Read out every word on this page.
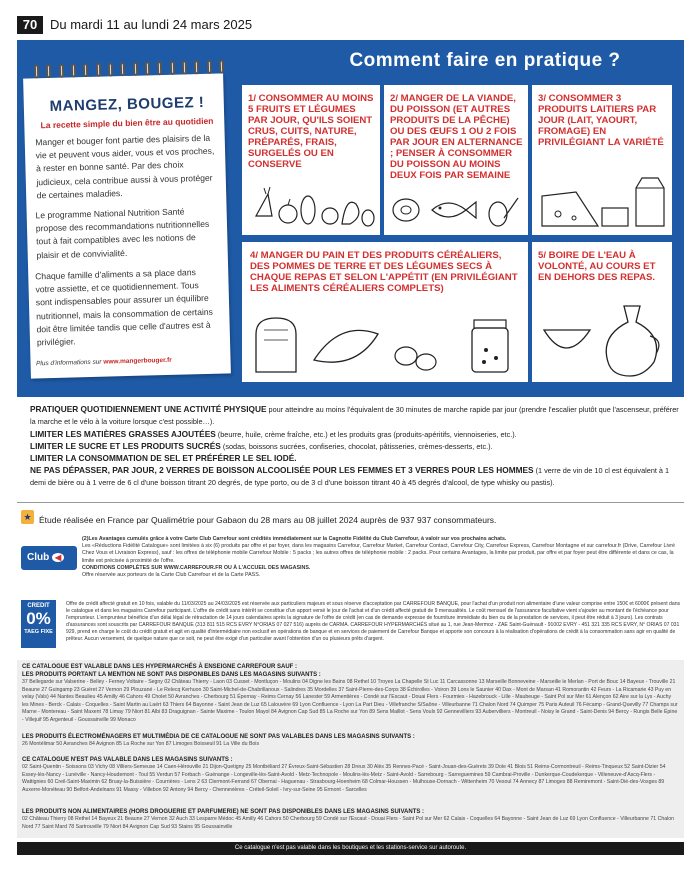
70 Du mardi 11 au lundi 24 mars 2025
Comment faire en pratique ?
MANGEZ, BOUGEZ !
La recette simple du bien être au quotidien
Manger et bouger font partie des plaisirs de la vie et peuvent vous aider, vous et vos proches, à rester en bonne santé. Par des choix judicieux, cela contribue aussi à vous protéger de certaines maladies.
Le programme National Nutrition Santé propose des recommandations nutritionnelles tout à fait compatibles avec les notions de plaisir et de convivialité.
Chaque famille d'aliments a sa place dans votre assiette, et ce quotidiennement. Tous sont indispensables pour assurer un équilibre nutritionnel, mais la consommation de certains doit être limitée tandis que celle d'autres est à privilégier.
Plus d'informations sur www.mangerbouger.fr
1/ CONSOMMER AU MOINS 5 FRUITS ET LÉGUMES PAR JOUR, QU'ILS SOIENT CRUS, CUITS, NATURE, PRÉPARÉS, FRAIS, SURGELÉS OU EN CONSERVE
2/ MANGER DE LA VIANDE, DU POISSON (ET AUTRES PRODUITS DE LA PÊCHE) OU DES ŒUFS 1 OU 2 FOIS PAR JOUR EN ALTERNANCE ; PENSER À CONSOMMER DU POISSON AU MOINS DEUX FOIS PAR SEMAINE
3/ CONSOMMER 3 PRODUITS LAITIERS PAR JOUR (LAIT, YAOURT, FROMAGE) EN PRIVILÉGIANT LA VARIÉTÉ
4/ MANGER DU PAIN ET DES PRODUITS CÉRÉALIERS, DES POMMES DE TERRE ET DES LÉGUMES SECS À CHAQUE REPAS ET SELON L'APPÉTIT (EN PRIVILÉGIANT LES ALIMENTS CÉRÉALIERS COMPLETS)
5/ BOIRE DE L'EAU À VOLONTÉ, AU COURS ET EN DEHORS DES REPAS.
PRATIQUER QUOTIDIENNEMENT UNE ACTIVITÉ PHYSIQUE pour atteindre au moins l'équivalent de 30 minutes de marche rapide par jour (prendre l'escalier plutôt que l'ascenseur, préférer la marche et le vélo à la voiture lorsque c'est possible…).
LIMITER LES MATIÈRES GRASSES AJOUTÉES (beurre, huile, crème fraîche, etc.) et les produits gras (produits-apéritifs, viennoiseries, etc.).
LIMITER LE SUCRE ET LES PRODUITS SUCRÉS (sodas, boissons sucrées, confiseries, chocolat, pâtisseries, crèmes-desserts, etc.).
LIMITER LA CONSOMMATION DE SEL ET PRÉFÉRER LE SEL IODÉ.
NE PAS DÉPASSER, PAR JOUR, 2 VERRES DE BOISSON ALCOOLISÉE POUR LES FEMMES ET 3 VERRES POUR LES HOMMES (1 verre de vin de 10 cl est équivalent à 1 demi de bière ou à 1 verre de 6 cl d'une boisson titrant 20 degrés, de type porto, ou de 3 cl d'une boisson titrant 40 à 45 degrés d'alcool, de type whisky ou pastis).
★ Étude réalisée en France par Qualimétrie pour Gabaon du 28 mars au 08 juillet 2024 auprès de 937 937 consommateurs.
Club ◀
(2)Les Avantages cumulés grâce à votre Carte Club Carrefour sont crédités immédiatement sur la Cagnotte Fidélité du Club Carrefour, à valoir sur vos prochains achats.
Les «Réductions Fidélité Catalogue» sont limitées à six (6) produits par offre et par foyer, dans les magasins Carrefour, Carrefour Market, Carrefour Contact, Carrefour City, Carrefour Express, Carrefour Montagne et sur carrefour.fr (Drive, Carrefour Livré Chez Vous et Livraison Express), sauf : les offres de téléphonie mobile Carrefour Mobile : 5 packs ; les autres offres de téléphonie mobile : 2 packs. Pour certains Avantages, la limite par produit, par offre et par foyer peut être différente et dans ce cas, la limite est précisée à proximité de l'offre.
CONDITIONS COMPLÈTES SUR WWW.CARREFOUR.FR OU À L'ACCUEIL DES MAGASINS.
Offre réservée aux porteurs de la Carte Club Carrefour et de la Carte PASS.
CREDIT
0%
TAEG FIXE
Offre de crédit affecté gratuit en 10 fois, valable du 11/03/2025 au 24/03/2025 est réservée aux particuliers majeurs et sous réserve d'acceptation par CARREFOUR BANQUE, pour l'achat d'un produit non alimentaire d'une valeur comprise entre 150€ et 6000€ présent dans le catalogue et dans les magasins Carrefour participant. L'offre de crédit sans intérêt se constitue d'un apport versé le jour de l'achat et d'un crédit affecté gratuit de 9 mensualités. Le coût mensuel de l'assurance facultative vient s'ajouter au montant de l'échéance pour l'emprunteur. L'emprunteur bénéficie d'un délai légal de rétractation de 14 jours calendaires après la signature de l'offre de crédit (en cas de demande expresse de fourniture immédiate du bien ou de la prestation de services, il peut être réduit à 3 jours). Les contrats d'assurances sont souscrits par CARREFOUR BANQUE (313 811 515 RCS EVRY N°ORIAS 07 027 516) auprès de CARMA. CARREFOUR HYPERMARCHÉS situé au 1, rue Jean-Mermoz - ZAE Saint-Guénault - 91002 EVRY - 451 321 335 RCS EVRY, N° ORIAS 07 031 929, prend en charge le coût du crédit gratuit et agit en qualité d'intermédiaire non exclusif en opérations de banque et en services de paiement de Carrefour Banque et apporte son concours à la réalisation d'opérations de crédit à la consommation sans agir en qualité de prêteur. Aucun versement, de quelque nature que ce soit, ne peut être exigé d'un particulier avant l'obtention d'un ou plusieurs prêts d'argent.
CE CATALOGUE EST VALABLE DANS LES HYPERMARCHÉS À ENSEIGNE CARREFOUR SAUF :
LES PRODUITS PORTANT LA MENTION NE SONT PAS DISPONIBLES DANS LES MAGASINS SUIVANTS :
37 Bellegarde sur Valserine - Belley - Ferney Voltaire - Segny 02 Château Thierry - Laon 03 Cusset - Montluçon - Moulins 04 Digne les Bains 08 Rethel 10 Troyes La Chapelle St Luc 11 Carcassonne 13 Marseille Bonneveine - Marseille le Merlan - Port de Bouc 14 Bayeux - Trouville 21 Beaune 27 Guingamp 23 Guéret 27 Vernon 29 Plouzané - Le Relecq Kerhuon 30 Saint-Michel-de-Chabrillanoux - Salindres 35 Mordelles 37 Saint-Pierre-des-Corps 38 Échirolles - Voiron 39 Lons le Saunier 40 Dax - Mont de Marsan 41 Romorantin 42 Feurs - La Ricamarie 43 Puy en velay (Vals) 44 Nantes Beaulieu 45 Amilly 46 Cahors 49 Cholet 50 Avranches - Cherbourg 51 Épernay - Reims Cernay 56 Lanester 59 Armentières - Condé sur l'Escaut - Douai Flers - Fourmies - Hazebrouck - Lille - Maubeuge - Saint Pol sur Mer 61 Alençon 62 Aire sur la Lys - Auchy les Mines - Berck - Calais - Coquelles - Saint Martin au Laërt 63 Thiers 64 Bayonne - Saint Jean de Luz 65 Lalouvère 69 Lyon Confluence - Lyon La Part Dieu - Villefranche S/Saône - Villeurbanne 71 Chalon Nord 74 Quimper 75 Paris Auteuil 76 Fécamp - Grand-Quevilly 77 Champs sur Marne - Montereau - Saint Maxent 78 Limay 79 Niort 81 Albi 83 Draguignan - Sainte Maxime - Toulon Mayol 84 Avignon Cap Sud 85 La Roche sur Yon 89 Sens Maillot - Sens Voulx 92 Gennevilliers 93 Aubervilliers - Montreuil - Noisy le Grand - Saint-Denis 94 Bercy - Rungis Belle Épine - Villejuif 95 Argenteuil - Goussainville 99 Monaco
LES PRODUITS ÉLECTROMÉNAGERS ET MULTIMÉDIA DE CE CATALOGUE NE SONT PAS VALABLES DANS LES MAGASINS SUIVANTS :
26 Montélimar 50 Avranches 84 Avignon 85 La Roche sur Yon 87 Limoges Boisseuil 91 La Ville du Bois
CE CATALOGUE N'EST PAS VALABLE DANS LES MAGASINS SUIVANTS :
02 Saint-Quentin - Soissons 03 Vichy 08 Villiers-Semeuse 14 Caen-Hérouville 21 Dijon-Quetigny 25 Montbéliard 27 Évreux-Saint-Sébastien 28 Dreux 30 Alès 35 Rennes-Pacé - Saint-Jouan-des-Guérets 39 Dole 41 Blois 51 Reims-Cormontreuil - Reims-Tinqueux 52 Saint-Dizier 54 Essey-lès-Nancy - Lunéville - Nancy-Houdemont - Toul 55 Verdun 57 Forbach - Guénange - Longeville-lès-Saint-Avold - Metz-Technopole - Moulins-lès-Metz - Saint-Avold - Sarrebourg - Sarreguemines 59 Cambrai-Proville - Dunkerque-Coudekerque - Villeneuve-d'Ascq-Flers - Wattignies 60 Creil-Saint-Maximin 62 Bruay-la-Buissière - Courrières - Lens 2 63 Clermont-Ferrand 67 Obernai - Haguenau - Strasbourg-Hoenheim 68 Colmar-Houssen - Mulhouse-Dornach - Wittenheim 70 Vesoul 74 Annecy 87 Limoges 88 Remiremont - Saint-Dié-des-Vosges 89 Auxerre-Monéteau 90 Belfort-Andelnans 91 Massy - Villebon 92 Antony 94 Bercy - Chennevières - Créteil-Soleil - Ivry-sur-Seine 95 Ermont - Sarcelles
LES PRODUITS NON ALIMENTAIRES (HORS DROGUERIE ET PARFUMERIE) NE SONT PAS DISPONIBLES DANS LES MAGASINS SUIVANTS :
02 Château Thierry 08 Rethel 14 Bayeux 21 Beaune 27 Vernon 32 Auch 33 Lesparre Médoc 45 Amilly 46 Cahors 50 Cherbourg 59 Condé sur l'Escaut - Douai Flers - Saint Pol sur Mer 62 Calais - Coquelles 64 Bayonne - Saint Jean de Luz 69 Lyon Confluence - Villeurbanne 71 Chalon Nord 77 Saint Mard 78 Sartrouville 79 Niort 84 Avignon Cap Sud 93 Stains 95 Goussainville
Ce catalogue n'est pas valable dans les boutiques et les stations-service sur autoroute.
